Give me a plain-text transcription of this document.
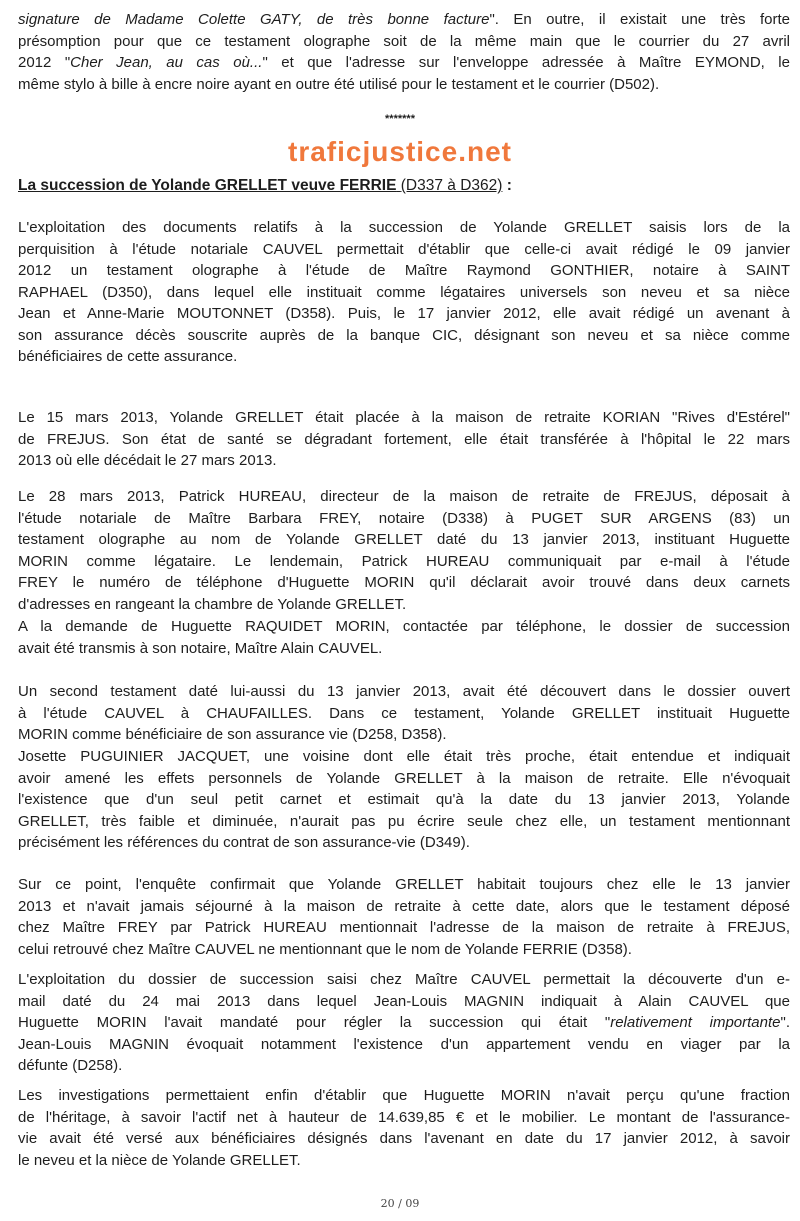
signature de Madame Colette GATY, de très bonne facture". En outre, il existait une très forte
présomption pour que ce testament olographe soit de la même main que le courrier du 27 avril
2012 "Cher Jean, au cas où..." et que l'adresse sur l'enveloppe adressée à Maître EYMOND, le
même stylo à bille à encre noire ayant en outre été utilisé pour le testament et le courrier (D502).
*******
traficjustice.net
La succession de Yolande GRELLET veuve FERRIE (D337 à D362) :
L'exploitation des documents relatifs à la succession de Yolande GRELLET saisis lors de la
perquisition à l'étude notariale CAUVEL permettait d'établir que celle-ci avait rédigé le 09 janvier
2012 un testament olographe à l'étude de Maître Raymond GONTHIER, notaire à SAINT
RAPHAEL (D350), dans lequel elle instituait comme légataires universels son neveu et sa nièce
Jean et Anne-Marie MOUTONNET (D358). Puis, le 17 janvier 2012, elle avait rédigé un avenant à
son assurance décès souscrite auprès de la banque CIC, désignant son neveu et sa nièce comme
bénéficiaires de cette assurance.
Le 15 mars 2013, Yolande GRELLET était placée à la maison de retraite KORIAN "Rives d'Estérel"
de FREJUS. Son état de santé se dégradant fortement, elle était transférée à l'hôpital le 22 mars
2013 où elle décédait le 27 mars 2013.
Le 28 mars 2013, Patrick HUREAU, directeur de la maison de retraite de FREJUS, déposait à
l'étude notariale de Maître Barbara FREY, notaire (D338) à PUGET SUR ARGENS (83) un
testament olographe au nom de Yolande GRELLET daté du 13 janvier 2013, instituant Huguette
MORIN comme légataire. Le lendemain, Patrick HUREAU communiquait par e-mail à l'étude
FREY le numéro de téléphone d'Huguette MORIN qu'il déclarait avoir trouvé dans deux carnets
d'adresses en rangeant la chambre de Yolande GRELLET.
A la demande de Huguette RAQUIDET MORIN, contactée par téléphone, le dossier de succession
avait été transmis à son notaire, Maître Alain CAUVEL.
Un second testament daté lui-aussi du 13 janvier 2013, avait été découvert dans le dossier ouvert
à l'étude CAUVEL à CHAUFAILLES. Dans ce testament, Yolande GRELLET instituait Huguette
MORIN comme bénéficiaire de son assurance vie (D258, D358).
Josette PUGUINIER JACQUET, une voisine dont elle était très proche, était entendue et indiquait
avoir amené les effets personnels de Yolande GRELLET à la maison de retraite. Elle n'évoquait
l'existence que d'un seul petit carnet et estimait qu'à la date du 13 janvier 2013, Yolande
GRELLET, très faible et diminuée, n'aurait pas pu écrire seule chez elle, un testament mentionnant
précisément les références du contrat de son assurance-vie (D349).
Sur ce point, l'enquête confirmait que Yolande GRELLET habitait toujours chez elle le 13 janvier
2013 et n'avait jamais séjourné à la maison de retraite à cette date, alors que le testament déposé
chez Maître FREY par Patrick HUREAU mentionnait l'adresse de la maison de retraite à FREJUS,
celui retrouvé chez Maître CAUVEL ne mentionnant que le nom de Yolande FERRIE (D358).
L'exploitation du dossier de succession saisi chez Maître CAUVEL permettait la découverte d'un e-
mail daté du 24 mai 2013 dans lequel Jean-Louis MAGNIN indiquait à Alain CAUVEL que
Huguette MORIN l'avait mandaté pour régler la succession qui était "relativement importante".
Jean-Louis MAGNIN évoquait notamment l'existence d'un appartement vendu en viager par la
défunte (D258).
Les investigations permettaient enfin d'établir que Huguette MORIN n'avait perçu qu'une fraction
de l'héritage, à savoir l'actif net à hauteur de 14.639,85 € et le mobilier. Le montant de l'assurance-
vie avait été versé aux bénéficiaires désignés dans l'avenant en date du 17 janvier 2012, à savoir
le neveu et la nièce de Yolande GRELLET.
20 / 09
